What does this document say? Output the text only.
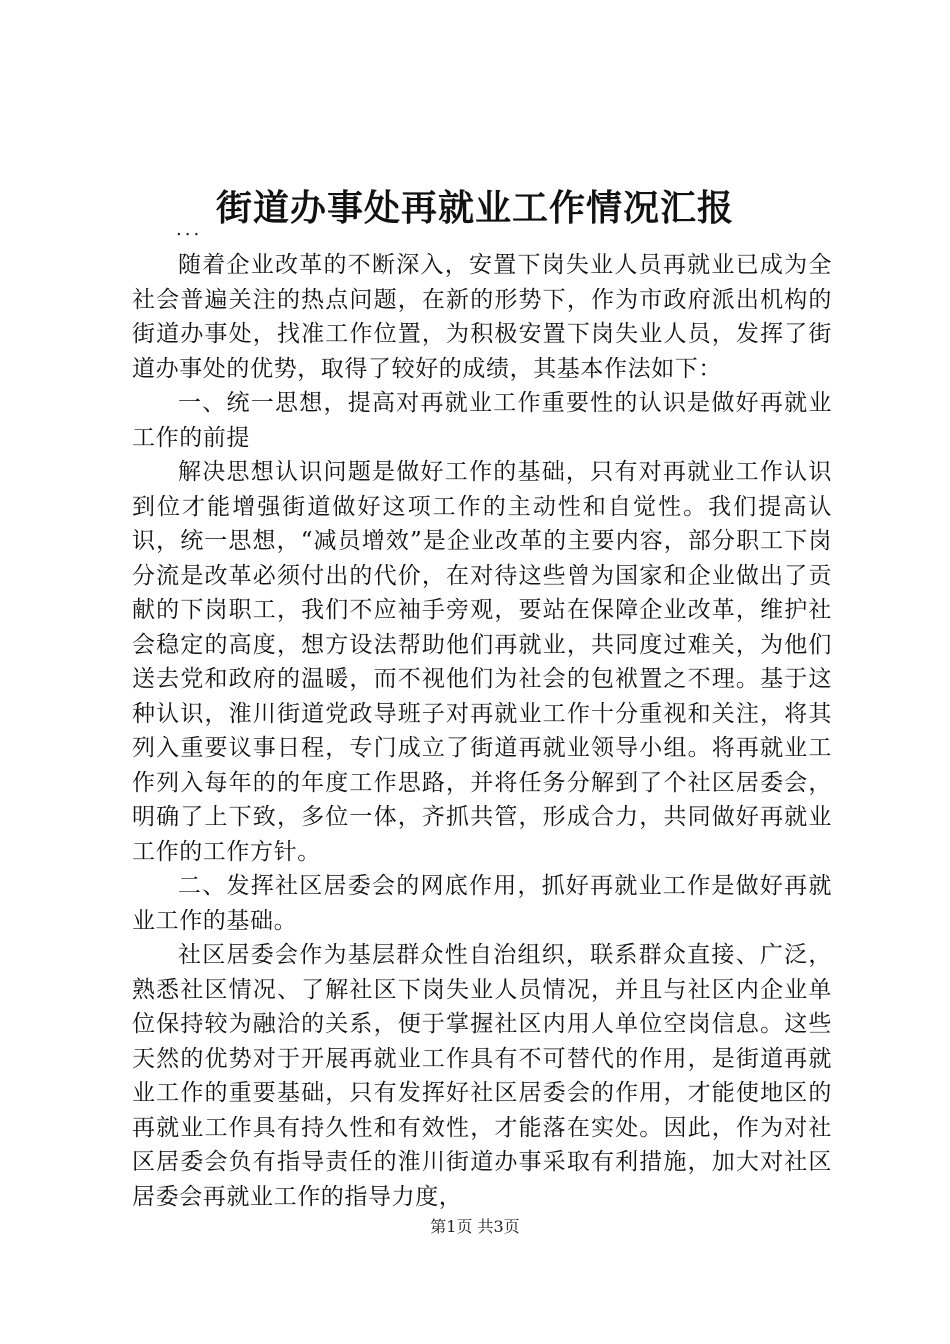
街道办事处再就业工作情况汇报
...

随着企业改革的不断深入，安置下岗失业人员再就业已成为全社会普遍关注的热点问题，在新的形势下，作为市政府派出机构的街道办事处，找准工作位置，为积极安置下岗失业人员，发挥了街道办事处的优势，取得了较好的成绩，其基本作法如下：

一、统一思想，提高对再就业工作重要性的认识是做好再就业工作的前提

解决思想认识问题是做好工作的基础，只有对再就业工作认识到位才能增强街道做好这项工作的主动性和自觉性。我们提高认识，统一思想，“减员增效”是企业改革的主要内容，部分职工下岗分流是改革必须付出的代价，在对待这些曾为国家和企业做出了贡献的下岗职工，我们不应袖手旁观，要站在保障企业改革，维护社会稳定的高度，想方设法帮助他们再就业，共同度过难关，为他们送去党和政府的温暖，而不视他们为社会的包袱置之不理。基于这种认识，淮川街道党政导班子对再就业工作十分重视和关注，将其列入重要议事日程，专门成立了街道再就业领导小组。将再就业工作列入每年的的年度工作思路，并将任务分解到了个社区居委会，明确了上下致，多位一体，齐抓共管，形成合力，共同做好再就业工作的工作方针。

二、发挥社区居委会的网底作用，抓好再就业工作是做好再就业工作的基础。

社区居委会作为基层群众性自治组织，联系群众直接、广泛，熟悉社区情况、了解社区下岗失业人员情况，并且与社区内企业单位保持较为融洽的关系，便于掌握社区内用人单位空岗信息。这些天然的优势对于开展再就业工作具有不可替代的作用，是街道再就业工作的重要基础，只有发挥好社区居委会的作用，才能使地区的再就业工作具有持久性和有效性，才能落在实处。因此，作为对社区居委会负有指导责任的淮川街道办事采取有利措施，加大对社区居委会再就业工作的指导力度，

第1页 共3页
